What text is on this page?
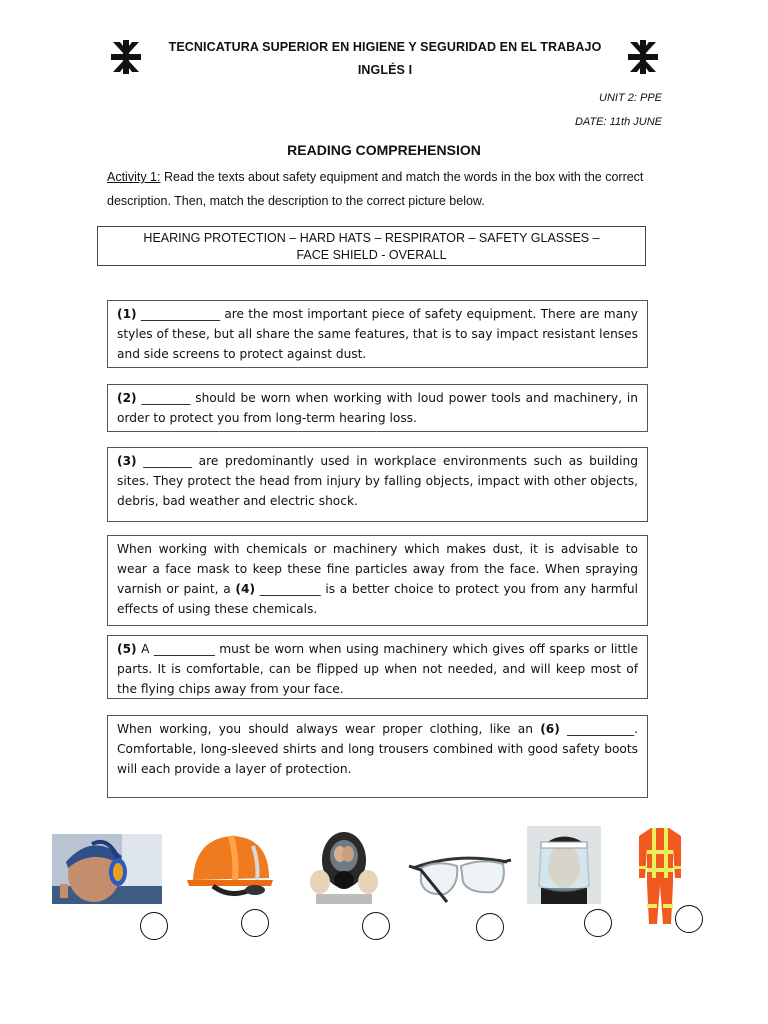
TECNICATURA SUPERIOR EN HIGIENE Y SEGURIDAD EN EL TRABAJO
INGLÉS I
UNIT 2: PPE
DATE: 11th JUNE
READING COMPREHENSION
Activity 1: Read the texts about safety equipment and match the words in the box with the correct description. Then, match the description to the correct picture below.
HEARING PROTECTION – HARD HATS – RESPIRATOR – SAFETY GLASSES –
FACE SHIELD - OVERALL
(1) _____________ are the most important piece of safety equipment. There are many styles of these, but all share the same features, that is to say impact resistant lenses and side screens to protect against dust.
(2) ________ should be worn when working with loud power tools and machinery, in order to protect you from long-term hearing loss.
(3) ________ are predominantly used in workplace environments such as building sites. They protect the head from injury by falling objects, impact with other objects, debris, bad weather and electric shock.
When working with chemicals or machinery which makes dust, it is advisable to wear a face mask to keep these fine particles away from the face. When spraying varnish or paint, a (4) __________ is a better choice to protect you from any harmful effects of using these chemicals.
(5) A __________ must be worn when using machinery which gives off sparks or little parts. It is comfortable, can be flipped up when not needed, and will keep most of the flying chips away from your face.
When working, you should always wear proper clothing, like an (6) ___________. Comfortable, long-sleeved shirts and long trousers combined with good safety boots will each provide a layer of protection.
